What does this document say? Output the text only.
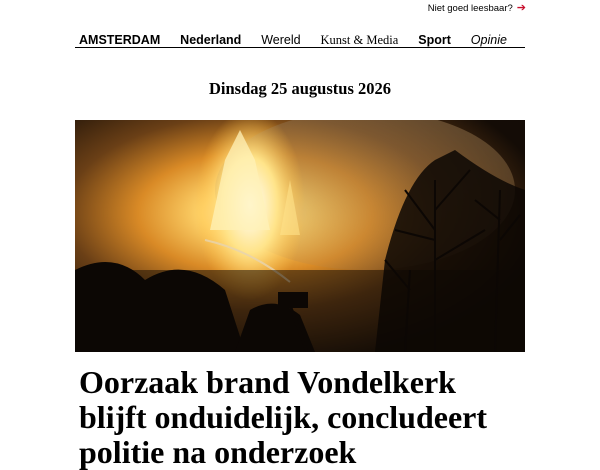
Niet goed leesbaar? ➔
AMSTERDAM Nederland Wereld Kunst & Media Sport Opinie
Dinsdag 25 augustus 2026
Oorzaak brand Vondelkerk blijft onduidelijk, concludeert politie na onderzoek
